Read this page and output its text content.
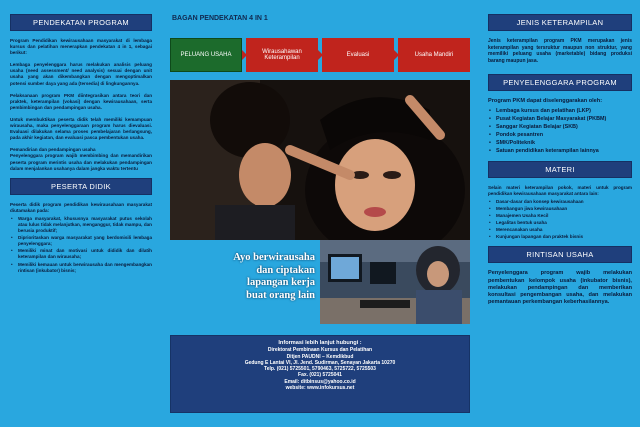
PENDEKATAN PROGRAM
Program Pendidikan kewirausahaan masyarakat di lembaga kursus dan pelatihan menerapkan pendekatan 4 in 1, sebagai berikut:
Lembaga penyelenggara harus melakukan analisis peluang usaha (need assessment/ need analysis) sesuai dengan unit usaha yang akan dikembangkan dengan mengoptimalkan potensi sumber daya yang ada (tersedia) di lingkungannya.
Pelaksanaan program PKM diintegrasikan antara teori dan praktek, keterampilan (vokasi) dengan kewirausahaan, serta pembimbingan dan pendampingan usaha.
Untuk membuktikan peserta didik telah memiliki kemampuan wirausaha, maka penyelenggaraan program harus dievaluasi. Evaluasi dilakukan selama proses pembelajaran berlangsung, pada akhir kegiatan, dan evaluasi pasca pembentukan usaha.
Pemandirian dan pendampingan usaha
Penyelenggara program wajib membimbing dan memandirikan peserta program merintis usaha dan melakukan pendampingan dalam menjalankan usahanya dalam jangka waktu tertentu
PESERTA DIDIK
Peserta didik program pendidikan kewirausahaan masyarakat diutamakan pada:
• Warga masyarakat, khususnya masyarakat putus sekolah atau lulus tidak melanjutkan, menganggur, tidak mampu, dan berusia produktif;
• Diprioritaskan warga masyarakat yang berdomisili lembaga penyelenggara;
• Memiliki minat dan motivasi untuk dididik dan dilatih keterampilan dan wirausaha;
• Memiliki kemauan untuk berwirausaha dan mengembangkan rintisan (inkubator) bisnis;
BAGAN PENDEKATAN 4 IN 1
PELUANG USAHA	Wirausahawan Keterampilan	Evaluasi	Usaha Mandiri
Ayo berwirausaha
dan ciptakan
lapangan kerja
buat orang lain
Informasi lebih lanjut hubungi :
Direktorat Pembinaan Kursus dan Pelatihan
Ditjen PAUDNI – Kemdikbud
Gedung E Lantai VI, Jl. Jend. Sudirman, Senayan Jakarta 10270
Telp. (021) 5725501, 5790463, 5725722, 5725503
Fax. (021) 5725041
Email: ditbinsus@yahoo.co.id
website: www.infokursus.net
JENIS KETERAMPILAN
Jenis keterampilan program PKM merupakan jenis keterampilan yang tersruktur maupun non struktur, yang memiliki peluang usaha (marketable) bidang produksi barang maupun jasa.
PENYELENGGARA PROGRAM
Program PKM dapat diselenggarakan oleh:
• Lembaga kursus dan pelatihan (LKP)
• Pusat Kegiatan Belajar Masyarakat (PKBM)
• Sanggar Kegiatan Belajar (SKB)
• Pondok pesantren
• SMK/Politeknik
• Satuan pendidikan keterampilan lainnya
MATERI
Selain materi keterampilan pokok, materi untuk program pendidikan kewirausahaan masyarakat antara lain:
• Dasar-dasar dan konsep kewirausahaan
• Membangun jiwa kewirausahaan
• Manajemen Usaha Kecil
• Legalitas bentuk usaha
• Merencanakan usaha
• Kunjungan lapangan dan praktek bisnis
RINTISAN USAHA
Penyelenggara program wajib melakukan pembentukan kelompok usaha (inkubator bisnis), melakukan pendampingan dan memberikan konsultasi pengembangan usaha, dan melakukan pemantauan perkembangan keberhasilannya.
